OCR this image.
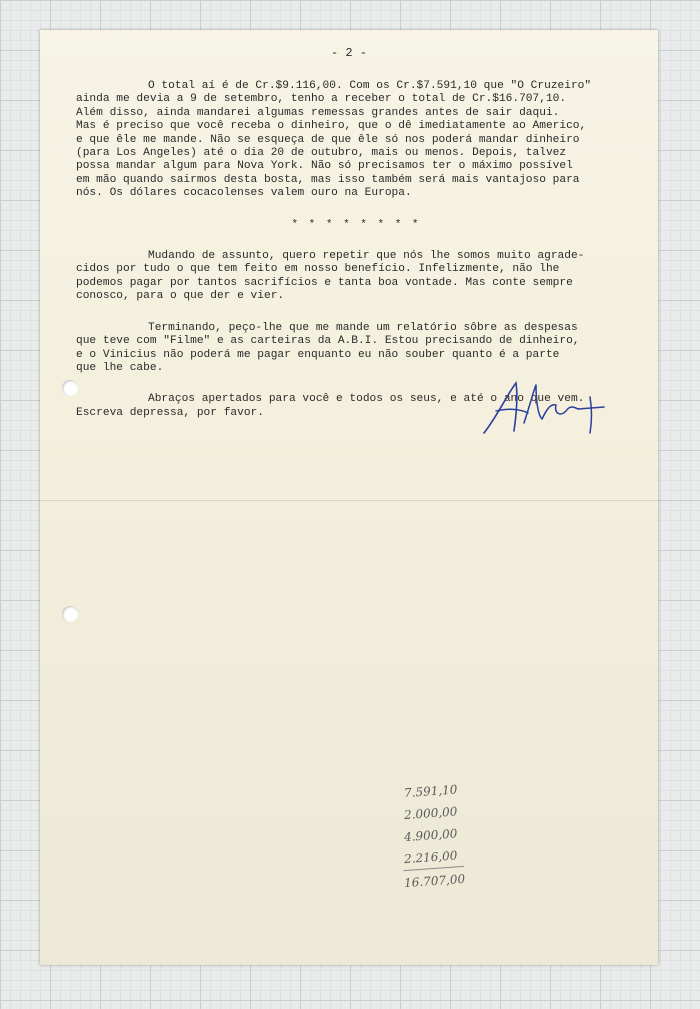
- 2 -

O total aí é de Cr.$9.116,00. Com os Cr.$7.591,10 que "O Cruzeiro"
ainda me devia a 9 de setembro, tenho a receber o total de Cr.$16.707,10.
Além disso, ainda mandarei algumas remessas grandes antes de sair daqui.
Mas é preciso que você receba o dinheiro, que o dê imediatamente ao Americo,
e que êle me mande. Não se esqueça de que êle só nos poderá mandar dinheiro
(para Los Angeles) até o dia 20 de outubro, mais ou menos. Depois, talvez
possa mandar algum para Nova York. Não só precisamos ter o máximo possível
em mão quando sairmos desta bosta, mas isso também será mais vantajoso para
nós. Os dólares cocacolenses valem ouro na Europa.

* * * * * * * *

Mudando de assunto, quero repetir que nós lhe somos muito agrade-
cidos por tudo o que tem feito em nosso benefício. Infelizmente, não lhe
podemos pagar por tantos sacrifícios e tanta boa vontade. Mas conte sempre
conosco, para o que der e vier.

Terminando, peço-lhe que me mande um relatório sôbre as despesas
que teve com "Filme" e as carteiras da A.B.I. Estou precisando de dinheiro,
e o Vinicius não poderá me pagar enquanto eu não souber quanto é a parte
que lhe cabe.

Abraços apertados para você e todos os seus, e até o ano que vem.
Escreva depressa, por favor.

7.591,10
2.000,00
4.900,00
2.216,00
16.707,00
